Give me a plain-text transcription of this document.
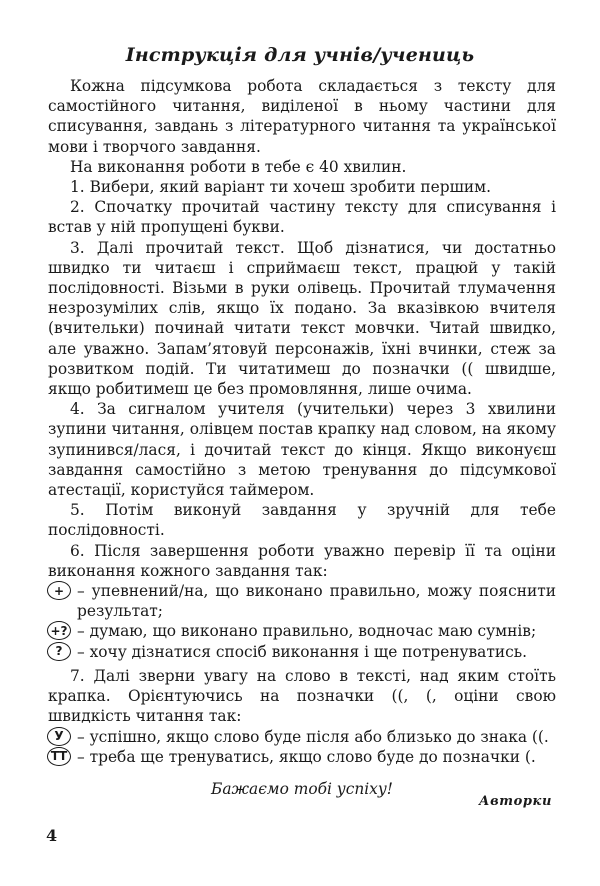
Інструкція для учнів/учениць

Кожна підсумкова робота складається з тексту для самостійного читання, виділеної в ньому частини для списування, завдань з літературного читання та української мови і творчого завдання.

На виконання роботи в тебе є 40 хвилин.

1. Вибери, який варіант ти хочеш зробити першим.

2. Спочатку прочитай частину тексту для списування і встав у ній пропущені букви.

3. Далі прочитай текст. Щоб дізнатися, чи достатньо швидко ти читаєш і сприймаєш текст, працюй у такій послідовності. Візьми в руки олівець. Прочитай тлумачення незрозумілих слів, якщо їх подано. За вказівкою вчителя (вчительки) починай читати текст мовчки. Читай швидко, але уважно. Запам’ятовуй персонажів, їхні вчинки, стеж за розвитком подій. Ти читатимеш до позначки (( швидше, якщо робитимеш це без промовляння, лише очима.

4. За сигналом учителя (учительки) через 3 хвилини зупини читання, олівцем постав крапку над словом, на якому зупинився/лася, і дочитай текст до кінця. Якщо виконуєш завдання самостійно з метою тренування до підсумкової атестації, користуйся таймером.

5. Потім виконуй завдання у зручній для тебе послідовності.

6. Після завершення роботи уважно перевір її та оціни виконання кожного завдання так:

+ – упевнений/на, що виконано правильно, можу пояснити результат;
+? – думаю, що виконано правильно, водночас маю сумнів;
? – хочу дізнатися спосіб виконання і ще потренуватись.

7. Далі зверни увагу на слово в тексті, над яким стоїть крапка. Орієнтуючись на позначки ((, (, оціни свою швидкість читання так:

У – успішно, якщо слово буде після або близько до знака ((.
ТТ – треба ще тренуватись, якщо слово буде до позначки (.
Бажаємо тобі успіху!
Авторки
4
